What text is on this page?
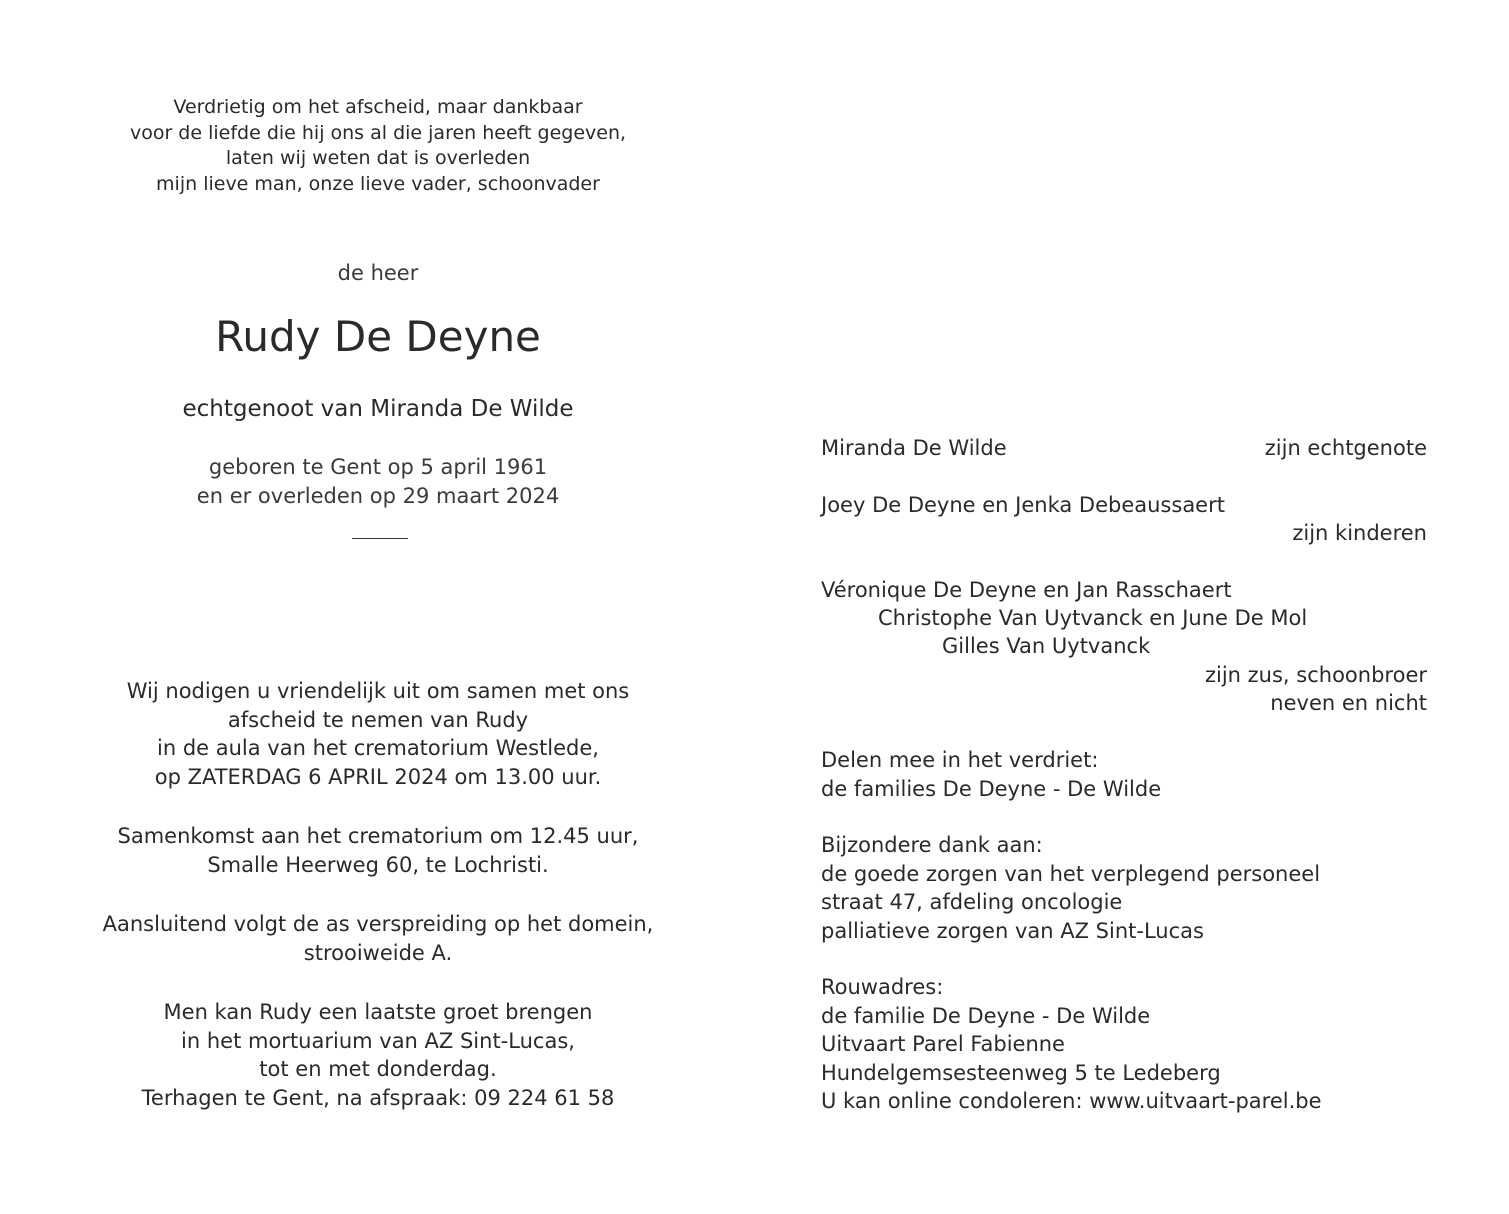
Verdrietig om het afscheid, maar dankbaar
voor de liefde die hij ons al die jaren heeft gegeven,
laten wij weten dat is overleden
mijn lieve man, onze lieve vader, schoonvader
de heer
Rudy De Deyne
echtgenoot van Miranda De Wilde
geboren te Gent op 5 april 1961
en er overleden op 29 maart 2024
Wij nodigen u vriendelijk uit om samen met ons
afscheid te nemen van Rudy
in de aula van het crematorium Westlede,
op ZATERDAG 6 APRIL 2024 om 13.00 uur.
Samenkomst aan het crematorium om 12.45 uur,
Smalle Heerweg 60, te Lochristi.
Aansluitend volgt de as verspreiding op het domein,
strooiweide A.
Men kan Rudy een laatste groet brengen
in het mortuarium van AZ Sint-Lucas,
tot en met donderdag.
Terhagen te Gent, na afspraak: 09 224 61 58
Miranda De Wilde	zijn echtgenote
Joey De Deyne en Jenka Debeaussaert
zijn kinderen
Véronique De Deyne en Jan Rasschaert
Christophe Van Uytvanck en June De Mol
Gilles Van Uytvanck
zijn zus, schoonbroer
neven en nicht
Delen mee in het verdriet:
de families De Deyne - De Wilde
Bijzondere dank aan:
de goede zorgen van het verplegend personeel
straat 47, afdeling oncologie
palliatieve zorgen van AZ Sint-Lucas
Rouwadres:
de familie De Deyne - De Wilde
Uitvaart Parel Fabienne
Hundelgemsesteenweg 5 te Ledeberg
U kan online condoleren: www.uitvaart-parel.be
